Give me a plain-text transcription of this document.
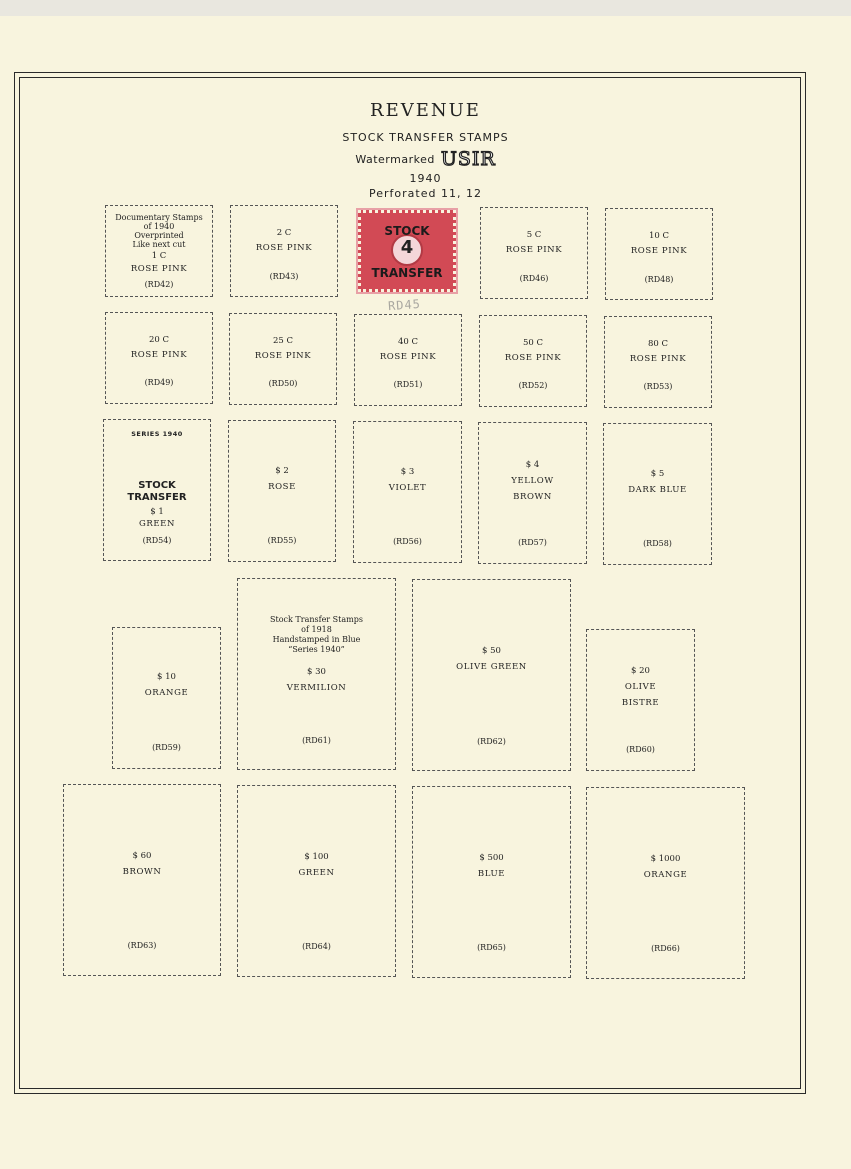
REVENUE
STOCK TRANSFER STAMPS
Watermarked USIR
1940
Perforated 11, 12
Documentary Stamps
of 1940
Overprinted
Like next cut
1 C
ROSE PINK
(RD42)
2 C
ROSE PINK
(RD43)
4
STOCK
TRANSFER
RD45
5 C
ROSE PINK
(RD46)
10 C
ROSE PINK
(RD48)
20 C
ROSE PINK
(RD49)
25 C
ROSE PINK
(RD50)
40 C
ROSE PINK
(RD51)
50 C
ROSE PINK
(RD52)
80 C
ROSE PINK
(RD53)
SERIES 1940
STOCK
TRANSFER
$ 1
GREEN
(RD54)
$ 2
ROSE
(RD55)
$ 3
VIOLET
(RD56)
$ 4
YELLOW
BROWN
(RD57)
$ 5
DARK BLUE
(RD58)
$ 10
ORANGE
(RD59)
Stock Transfer Stamps
of 1918
Handstamped in Blue
“Series 1940”
$ 30
VERMILION
(RD61)
$ 50
OLIVE GREEN
(RD62)
$ 20
OLIVE
BISTRE
(RD60)
$ 60
BROWN
(RD63)
$ 100
GREEN
(RD64)
$ 500
BLUE
(RD65)
$ 1000
ORANGE
(RD66)
